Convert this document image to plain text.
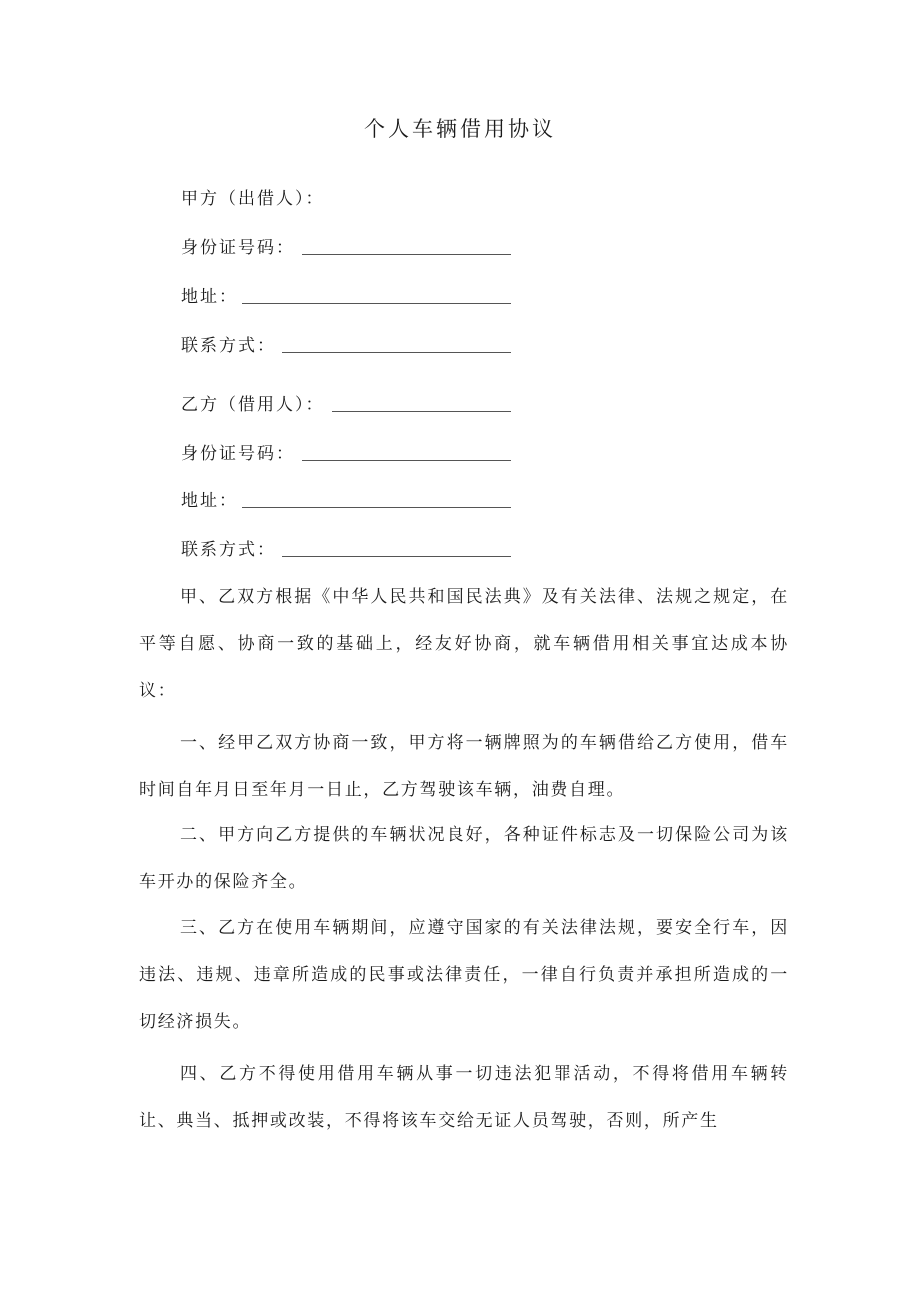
个人车辆借用协议
甲方（出借人）：
身份证号码：
地址：
联系方式：
乙方（借用人）：
身份证号码：
地址：
联系方式：

甲、乙双方根据《中华人民共和国民法典》及有关法律、法规之规定，在平等自愿、协商一致的基础上，经友好协商，就车辆借用相关事宜达成本协议：

一、经甲乙双方协商一致，甲方将一辆牌照为的车辆借给乙方使用，借车时间自年月日至年月一日止，乙方驾驶该车辆，油费自理。

二、甲方向乙方提供的车辆状况良好，各种证件标志及一切保险公司为该车开办的保险齐全。

三、乙方在使用车辆期间，应遵守国家的有关法律法规，要安全行车，因违法、违规、违章所造成的民事或法律责任，一律自行负责并承担所造成的一切经济损失。

四、乙方不得使用借用车辆从事一切违法犯罪活动，不得将借用车辆转让、典当、抵押或改装，不得将该车交给无证人员驾驶，否则，所产生
